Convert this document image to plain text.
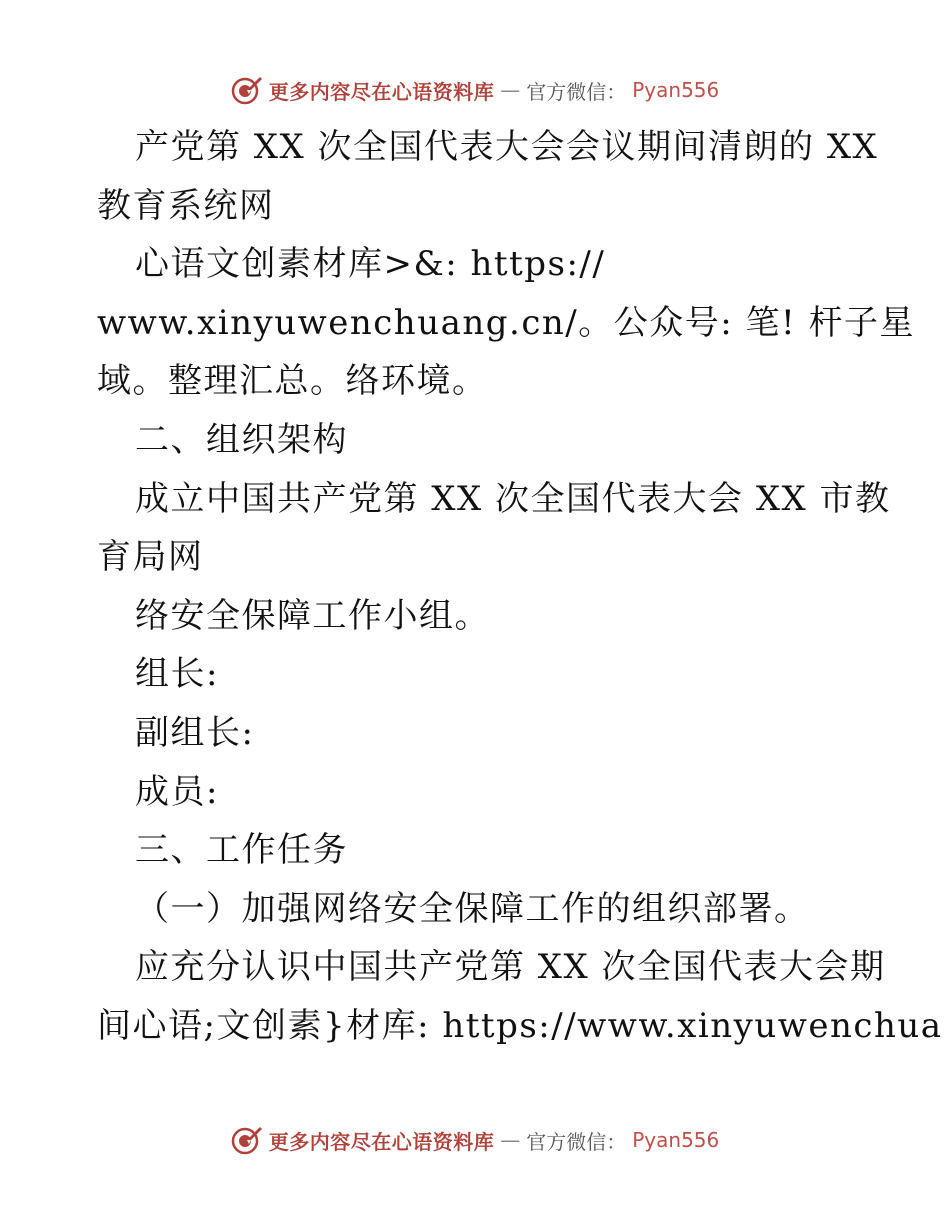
更多内容尽在心语资料库 — 官方微信： Pyan556
产党第 XX 次全国代表大会会议期间清朗的 XX
教育系统网
心语文创素材库>&: https://
www.xinyuwenchuang.cn/。公众号: 笔! 杆子星
域。整理汇总。络环境。
二、组织架构
成立中国共产党第 XX 次全国代表大会 XX 市教
育局网
络安全保障工作小组。
组长:
副组长:
成员:
三、工作任务
（一）加强网络安全保障工作的组织部署。
应充分认识中国共产党第 XX 次全国代表大会期
间心语;文创素}材库: https://www.xinyuwenchua
更多内容尽在心语资料库 — 官方微信： Pyan556
